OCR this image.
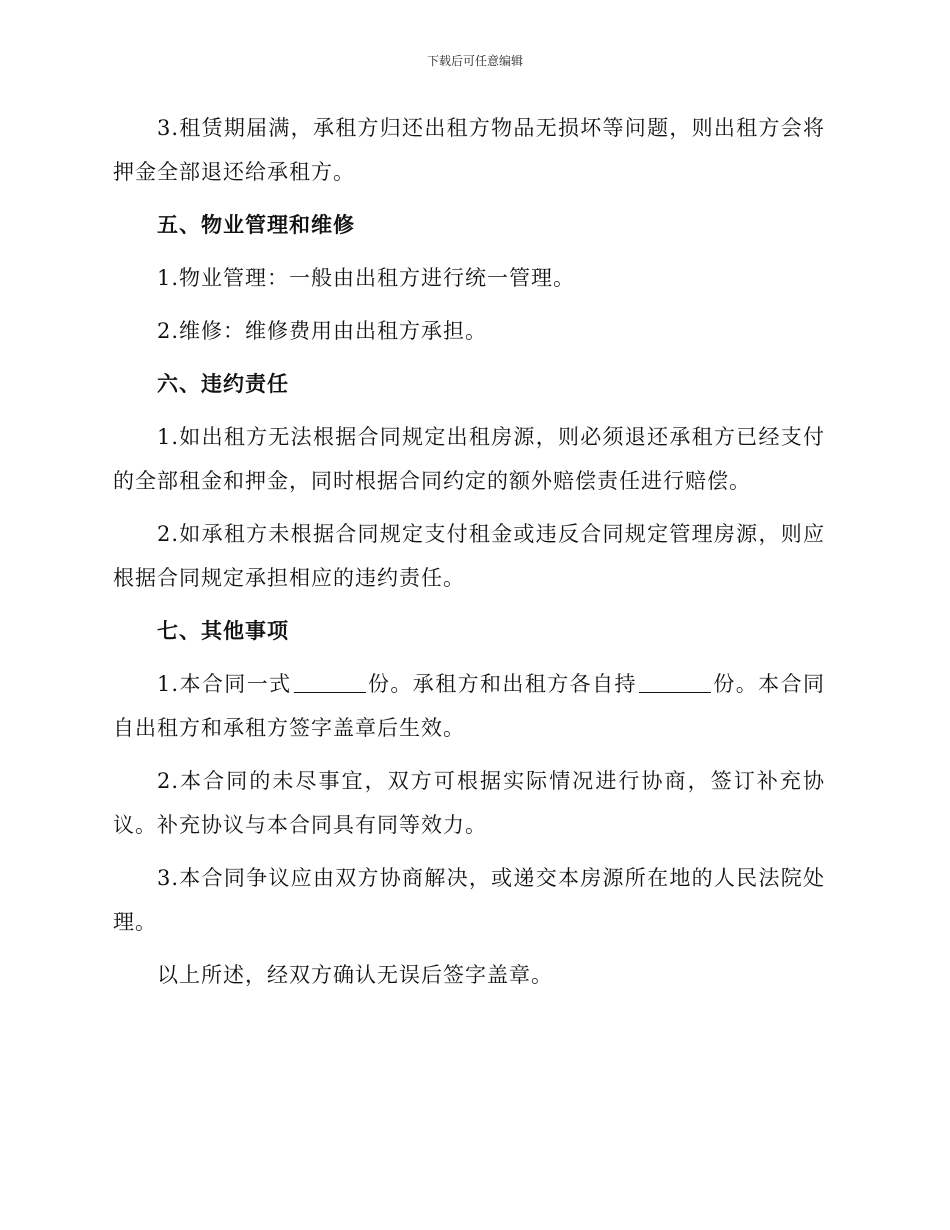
下载后可任意编辑

3.租赁期届满，承租方归还出租方物品无损坏等问题，则出租方会将押金全部退还给承租方。

五、物业管理和维修

1.物业管理：一般由出租方进行统一管理。

2.维修：维修费用由出租方承担。

六、违约责任

1.如出租方无法根据合同规定出租房源，则必须退还承租方已经支付的全部租金和押金，同时根据合同约定的额外赔偿责任进行赔偿。

2.如承租方未根据合同规定支付租金或违反合同规定管理房源，则应根据合同规定承担相应的违约责任。

七、其他事项

1.本合同一式	份。承租方和出租方各自持	份。本合同自出租方和承租方签字盖章后生效。

2.本合同的未尽事宜，双方可根据实际情况进行协商，签订补充协议。补充协议与本合同具有同等效力。

3.本合同争议应由双方协商解决，或递交本房源所在地的人民法院处理。

以上所述，经双方确认无误后签字盖章。
